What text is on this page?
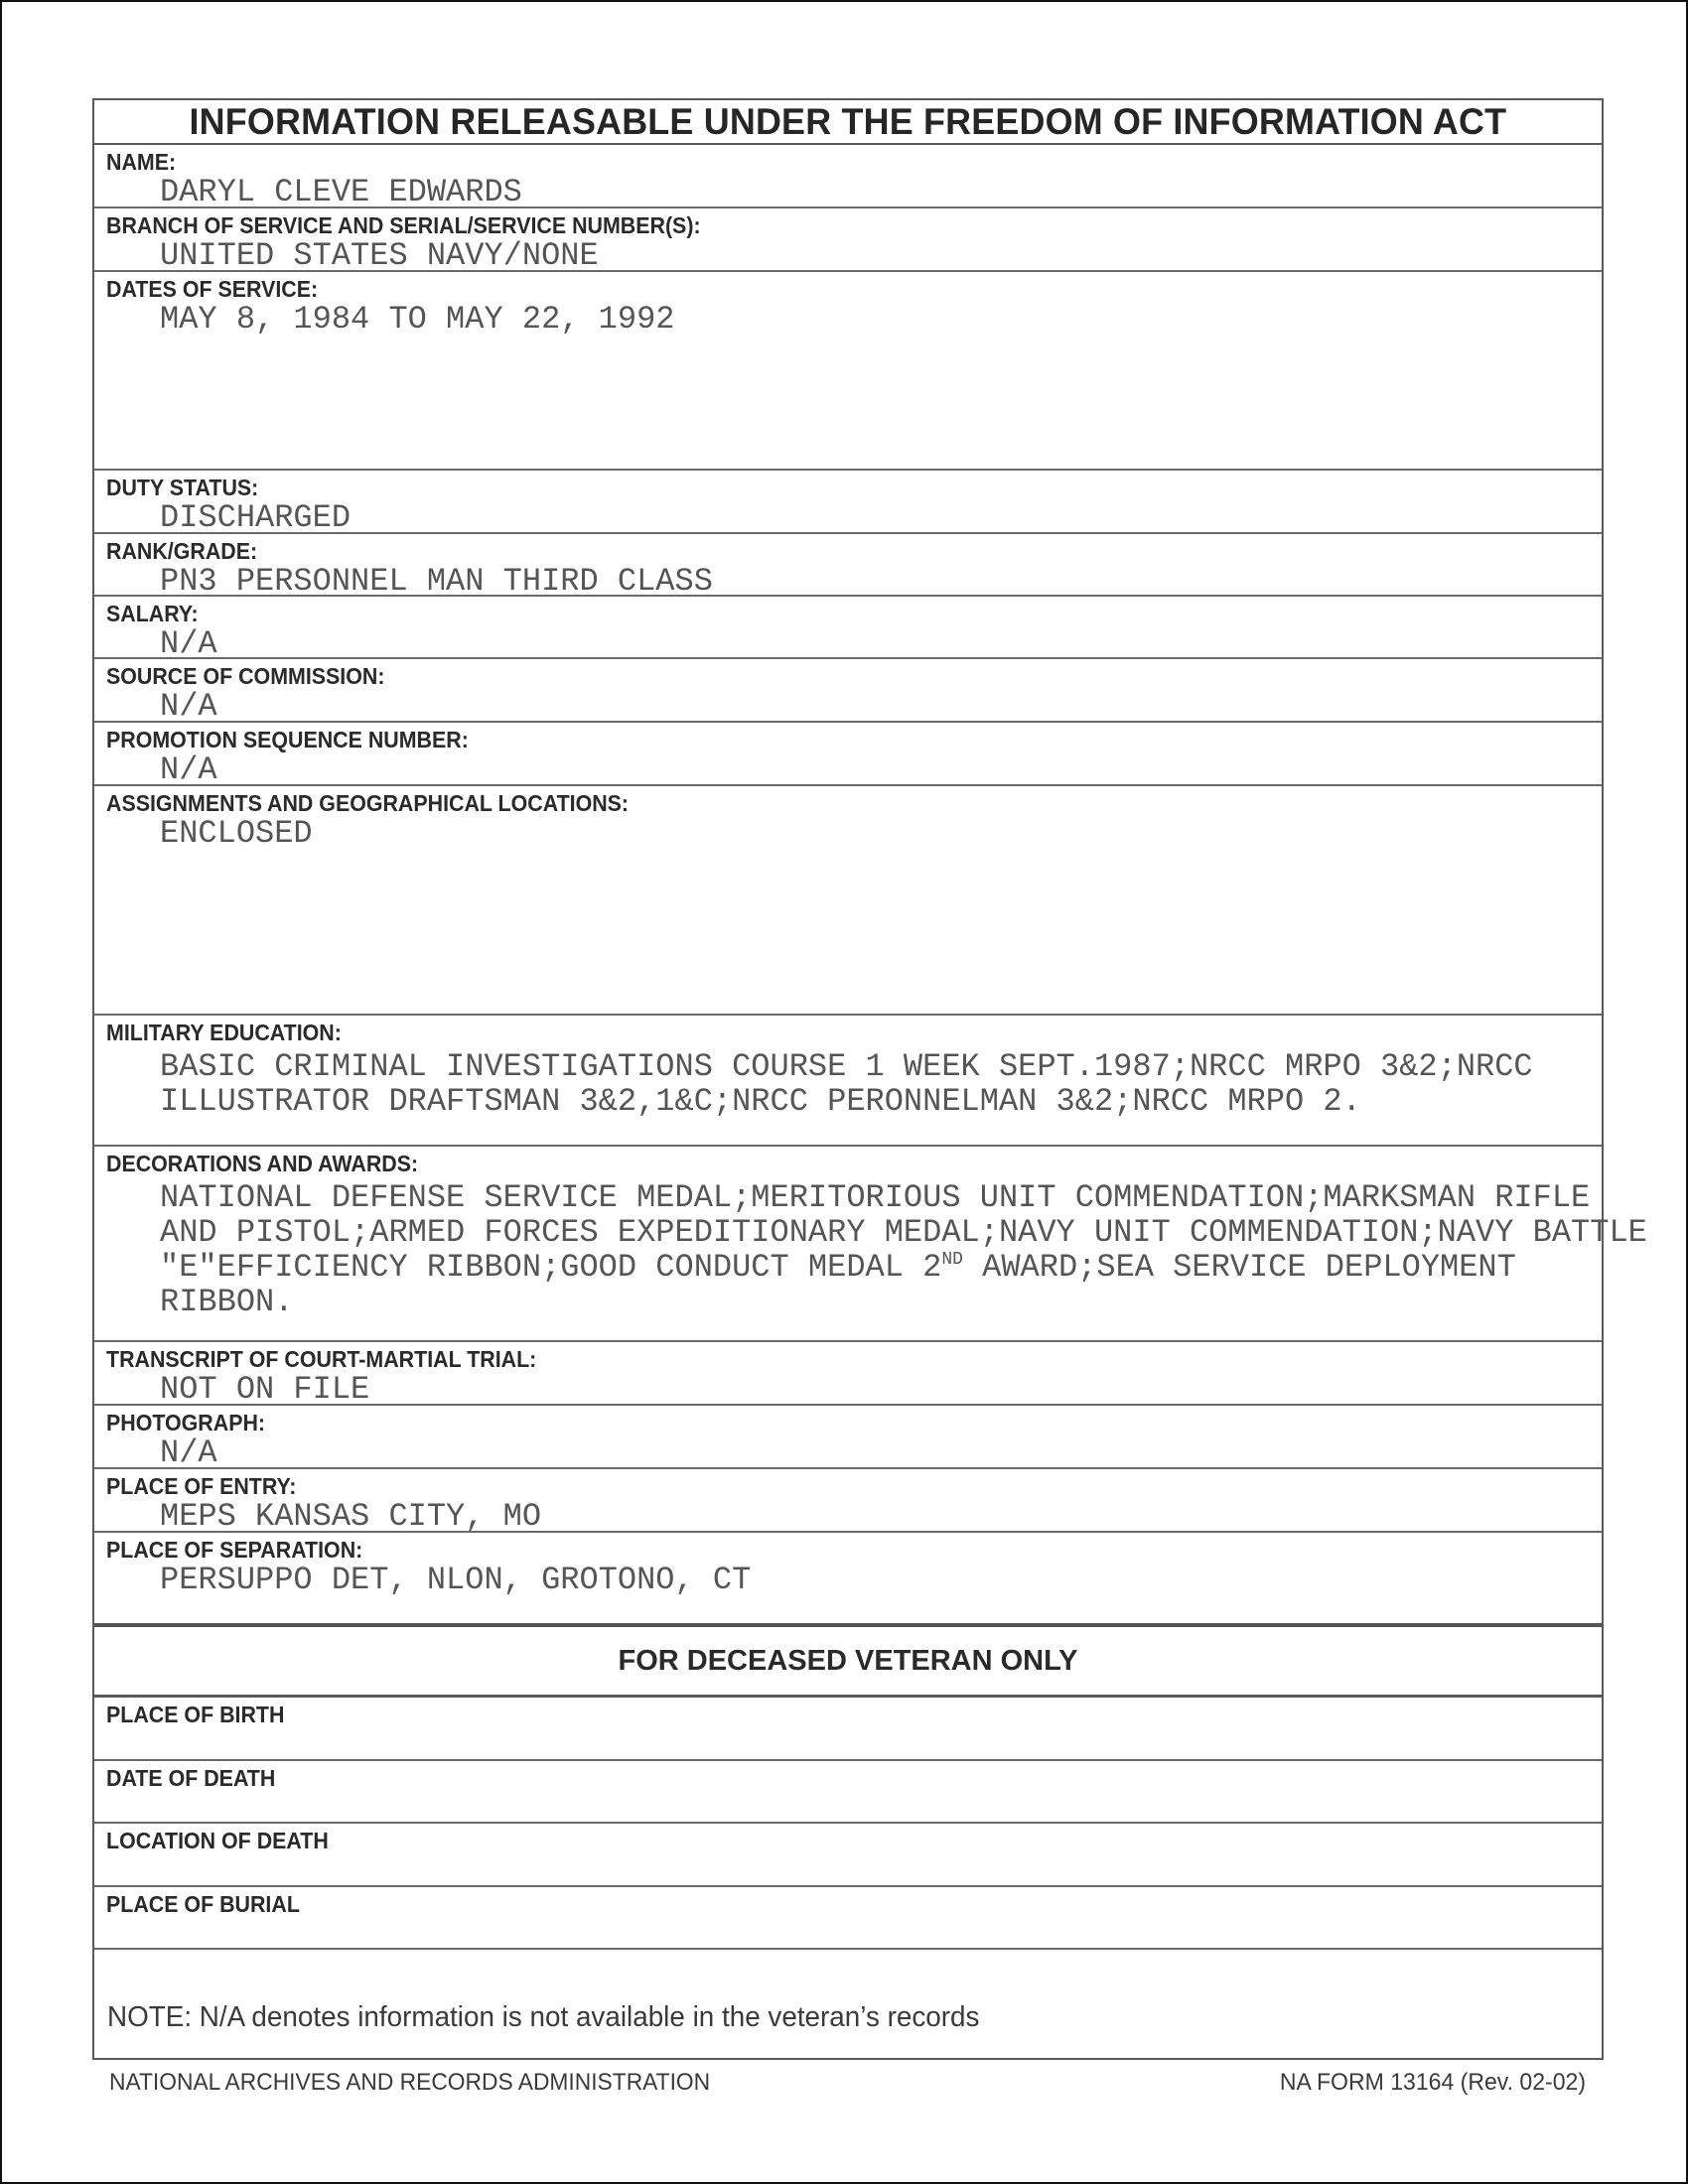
INFORMATION RELEASABLE UNDER THE FREEDOM OF INFORMATION ACT
NAME:
DARYL CLEVE EDWARDS
BRANCH OF SERVICE AND SERIAL/SERVICE NUMBER(S):
UNITED STATES NAVY/NONE
DATES OF SERVICE:
MAY 8, 1984 TO MAY 22, 1992
DUTY STATUS:
DISCHARGED
RANK/GRADE:
PN3 PERSONNEL MAN THIRD CLASS
SALARY:
N/A
SOURCE OF COMMISSION:
N/A
PROMOTION SEQUENCE NUMBER:
N/A
ASSIGNMENTS AND GEOGRAPHICAL LOCATIONS:
ENCLOSED
MILITARY EDUCATION:
BASIC CRIMINAL INVESTIGATIONS COURSE 1 WEEK SEPT.1987;NRCC MRPO 3&2;NRCC
ILLUSTRATOR DRAFTSMAN 3&2,1&C;NRCC PERONNELMAN 3&2;NRCC MRPO 2.
DECORATIONS AND AWARDS:
NATIONAL DEFENSE SERVICE MEDAL;MERITORIOUS UNIT COMMENDATION;MARKSMAN RIFLE
AND PISTOL;ARMED FORCES EXPEDITIONARY MEDAL;NAVY UNIT COMMENDATION;NAVY BATTLE
"E"EFFICIENCY RIBBON;GOOD CONDUCT MEDAL 2ND AWARD;SEA SERVICE DEPLOYMENT
RIBBON.
TRANSCRIPT OF COURT-MARTIAL TRIAL:
NOT ON FILE
PHOTOGRAPH:
N/A
PLACE OF ENTRY:
MEPS KANSAS CITY, MO
PLACE OF SEPARATION:
PERSUPPO DET, NLON, GROTONO, CT
FOR DECEASED VETERAN ONLY
PLACE OF BIRTH
DATE OF DEATH
LOCATION OF DEATH
PLACE OF BURIAL
NOTE: N/A denotes information is not available in the veteran’s records
NATIONAL ARCHIVES AND RECORDS ADMINISTRATION	NA FORM 13164 (Rev. 02-02)
